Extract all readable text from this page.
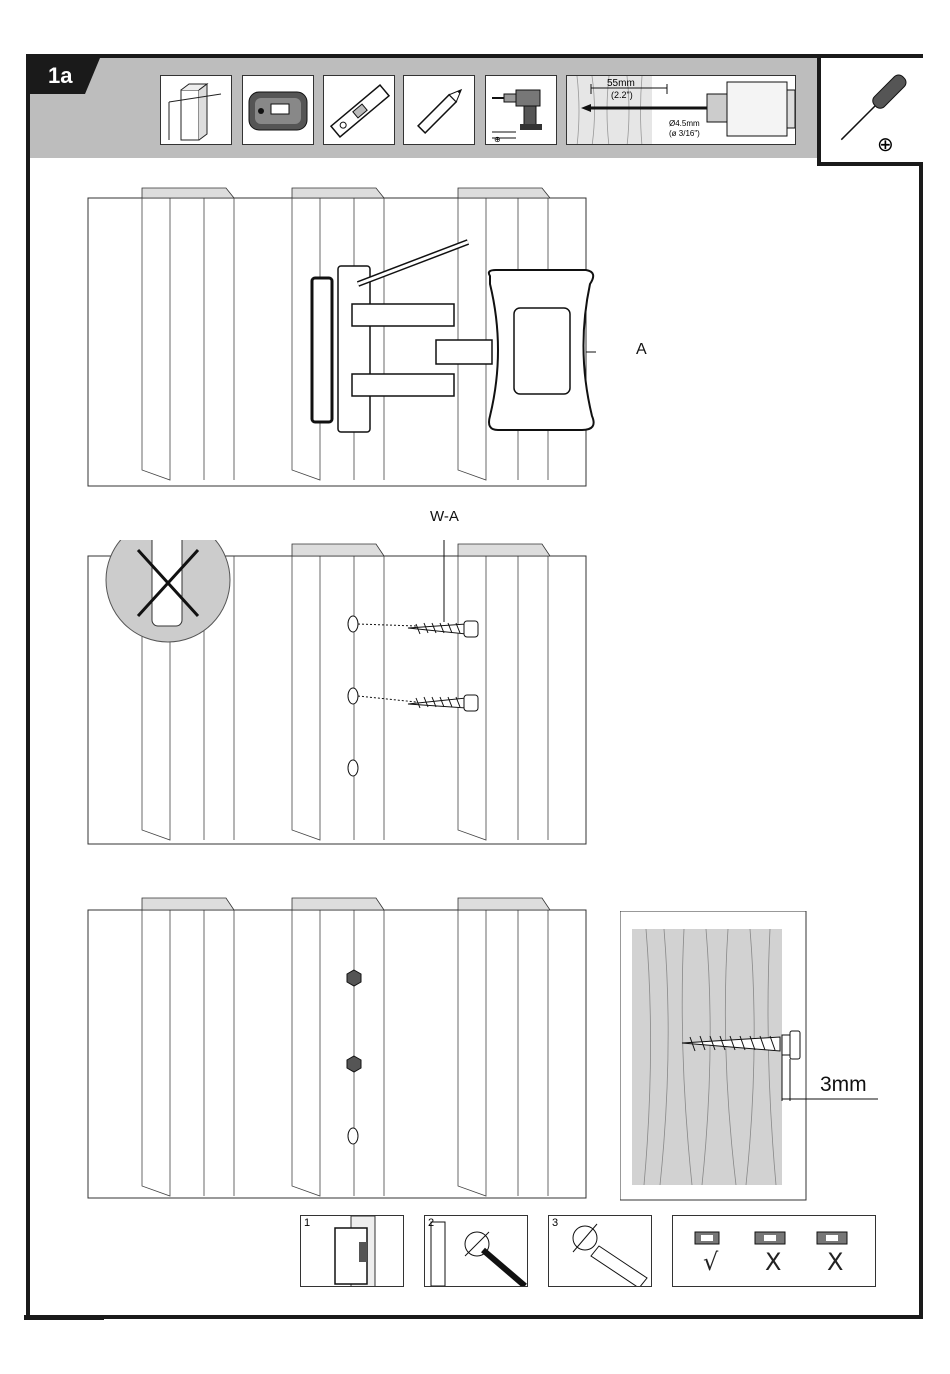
1a
⊕
55mm
(2.2")
Ø4.5mm
(ø 3/16")
⊕
A
W-A
3mm
1	2	3
√ X X
